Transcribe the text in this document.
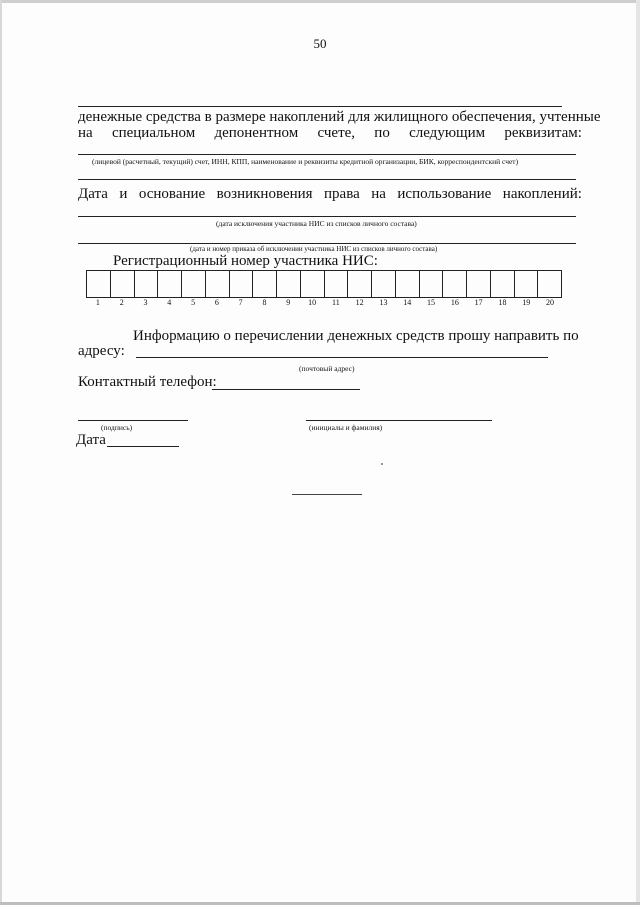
50
денежные средства в размере накоплений для жилищного обеспечения, учтенные
на специальном депонентном счете, по следующим реквизитам:
(лицевой (расчетный, текущий) счет, ИНН, КПП, наименование и реквизиты кредитной организации, БИК, корреспондентский счет)
Дата и основание возникновения права на использование накоплений:
(дата исключения участника НИС из списков личного состава)
(дата и номер приказа об исключении участника НИС из списков личного состава)
Регистрационный номер участника НИС:
1	2	3	4	5	6	7	8	9	10	11	12	13	14	15	16	17	18	19	20
Информацию о перечислении денежных средств прошу направить по
адресу:
(почтовый адрес)
Контактный телефон:
(подпись)	(инициалы и фамилия)
Дата
